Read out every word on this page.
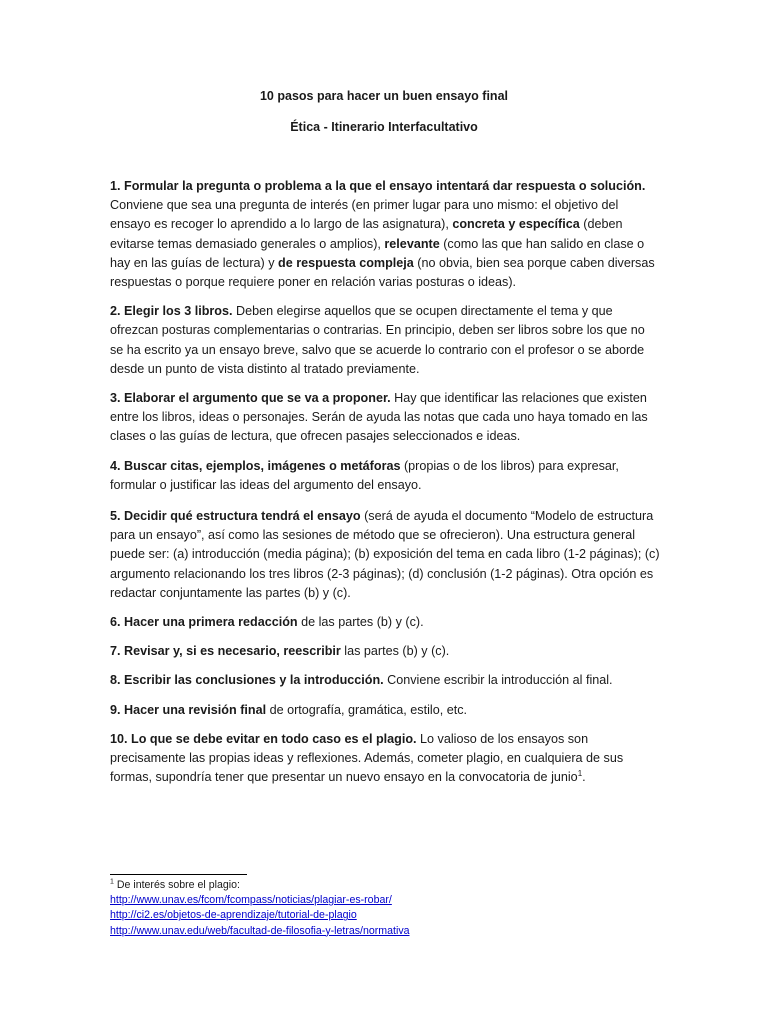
10 pasos para hacer un buen ensayo final
Ética - Itinerario Interfacultativo

1. Formular la pregunta o problema a la que el ensayo intentará dar respuesta o solución. Conviene que sea una pregunta de interés (en primer lugar para uno mismo: el objetivo del ensayo es recoger lo aprendido a lo largo de las asignatura), concreta y específica (deben evitarse temas demasiado generales o amplios), relevante (como las que han salido en clase o hay en las guías de lectura) y de respuesta compleja (no obvia, bien sea porque caben diversas respuestas o porque requiere poner en relación varias posturas o ideas).

2. Elegir los 3 libros. Deben elegirse aquellos que se ocupen directamente el tema y que ofrezcan posturas complementarias o contrarias. En principio, deben ser libros sobre los que no se ha escrito ya un ensayo breve, salvo que se acuerde lo contrario con el profesor o se aborde desde un punto de vista distinto al tratado previamente.

3. Elaborar el argumento que se va a proponer. Hay que identificar las relaciones que existen entre los libros, ideas o personajes. Serán de ayuda las notas que cada uno haya tomado en las clases o las guías de lectura, que ofrecen pasajes seleccionados e ideas.

4. Buscar citas, ejemplos, imágenes o metáforas (propias o de los libros) para expresar, formular o justificar las ideas del argumento del ensayo.

5. Decidir qué estructura tendrá el ensayo (será de ayuda el documento “Modelo de estructura para un ensayo”, así como las sesiones de método que se ofrecieron). Una estructura general puede ser: (a) introducción (media página); (b) exposición del tema en cada libro (1-2 páginas); (c) argumento relacionando los tres libros (2-3 páginas); (d) conclusión (1-2 páginas). Otra opción es redactar conjuntamente las partes (b) y (c).

6. Hacer una primera redacción de las partes (b) y (c).

7. Revisar y, si es necesario, reescribir las partes (b) y (c).

8. Escribir las conclusiones y la introducción. Conviene escribir la introducción al final.

9. Hacer una revisión final de ortografía, gramática, estilo, etc.

10. Lo que se debe evitar en todo caso es el plagio. Lo valioso de los ensayos son precisamente las propias ideas y reflexiones. Además, cometer plagio, en cualquiera de sus formas, supondría tener que presentar un nuevo ensayo en la convocatoria de junio$^1$.

$^1$ De interés sobre el plagio:
http://www.unav.es/fcom/fcompass/noticias/plagiar-es-robar/
http://ci2.es/objetos-de-aprendizaje/tutorial-de-plagio
http://www.unav.edu/web/facultad-de-filosofia-y-letras/normativa
